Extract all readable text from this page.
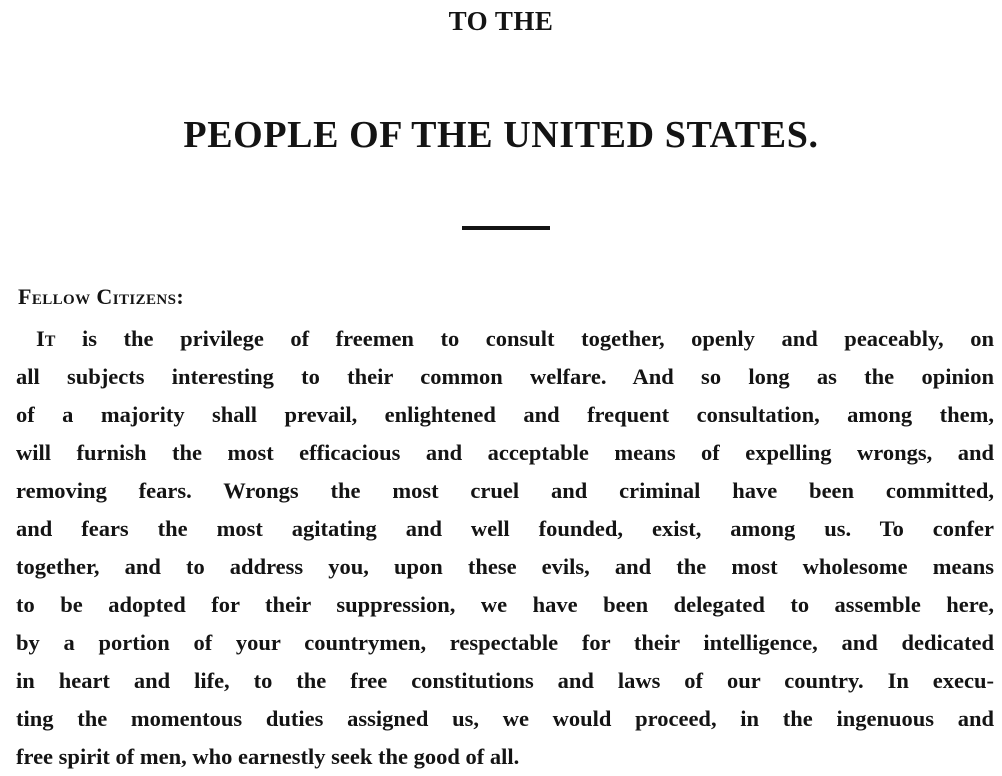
TO THE
PEOPLE OF THE UNITED STATES.

Fellow Citizens:

It is the privilege of freemen to consult together, openly and peaceably, on
all subjects interesting to their common welfare. And so long as the opinion
of a majority shall prevail, enlightened and frequent consultation, among them,
will furnish the most efficacious and acceptable means of expelling wrongs, and
removing fears. Wrongs the most cruel and criminal have been committed,
and fears the most agitating and well founded, exist, among us. To confer
together, and to address you, upon these evils, and the most wholesome means
to be adopted for their suppression, we have been delegated to assemble here,
by a portion of your countrymen, respectable for their intelligence, and dedicated
in heart and life, to the free constitutions and laws of our country. In execu-
ting the momentous duties assigned us, we would proceed, in the ingenuous and
free spirit of men, who earnestly seek the good of all.
